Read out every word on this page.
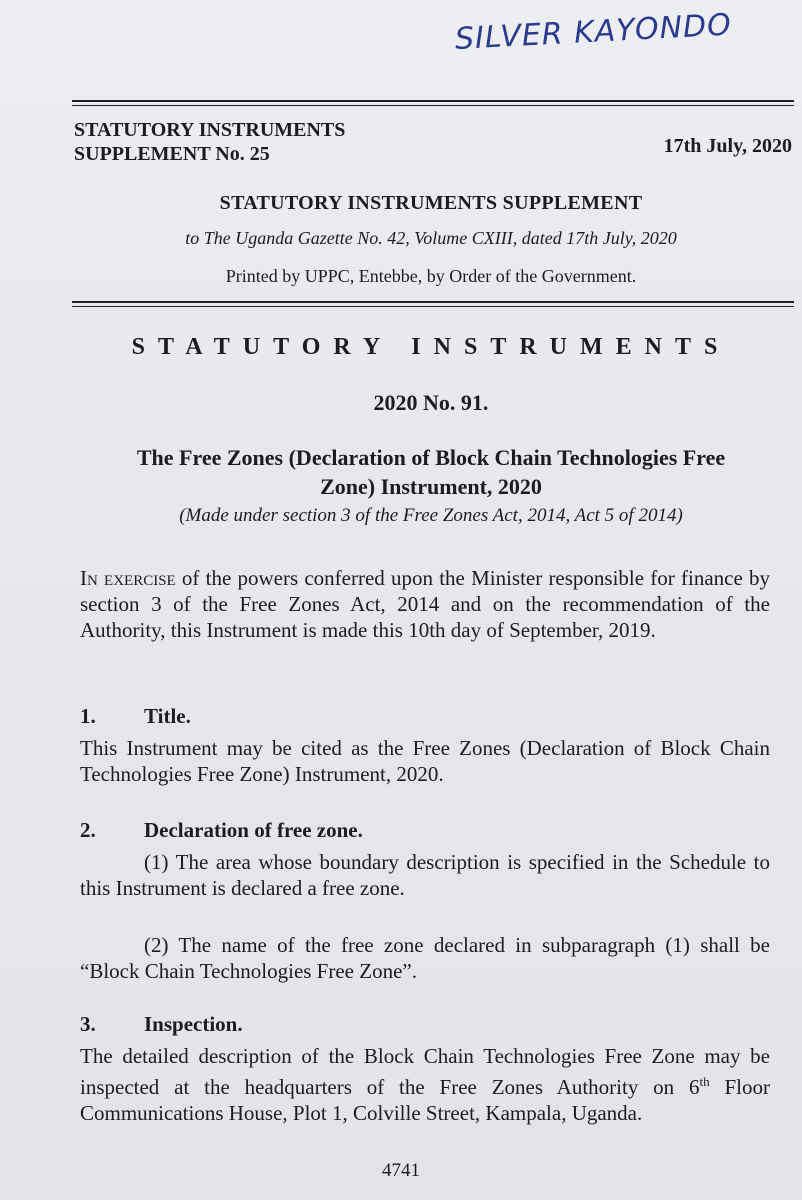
SILVER KAYONDO
STATUTORY INSTRUMENTS
SUPPLEMENT No. 25	17th July, 2020
STATUTORY INSTRUMENTS SUPPLEMENT
to The Uganda Gazette No. 42, Volume CXIII, dated 17th July, 2020
Printed by UPPC, Entebbe, by Order of the Government.
STATUTORY INSTRUMENTS
2020 No. 91.
The Free Zones (Declaration of Block Chain Technologies Free
Zone) Instrument, 2020
(Made under section 3 of the Free Zones Act, 2014, Act 5 of 2014)
In exercise of the powers conferred upon the Minister responsible for finance by section 3 of the Free Zones Act, 2014 and on the recommendation of the Authority, this Instrument is made this 10th day of September, 2019.
1. Title.
This Instrument may be cited as the Free Zones (Declaration of Block Chain Technologies Free Zone) Instrument, 2020.
2. Declaration of free zone.
(1) The area whose boundary description is specified in the Schedule to this Instrument is declared a free zone.
(2) The name of the free zone declared in subparagraph (1) shall be “Block Chain Technologies Free Zone”.
3. Inspection.
The detailed description of the Block Chain Technologies Free Zone may be inspected at the headquarters of the Free Zones Authority on 6th Floor Communications House, Plot 1, Colville Street, Kampala, Uganda.
4741
